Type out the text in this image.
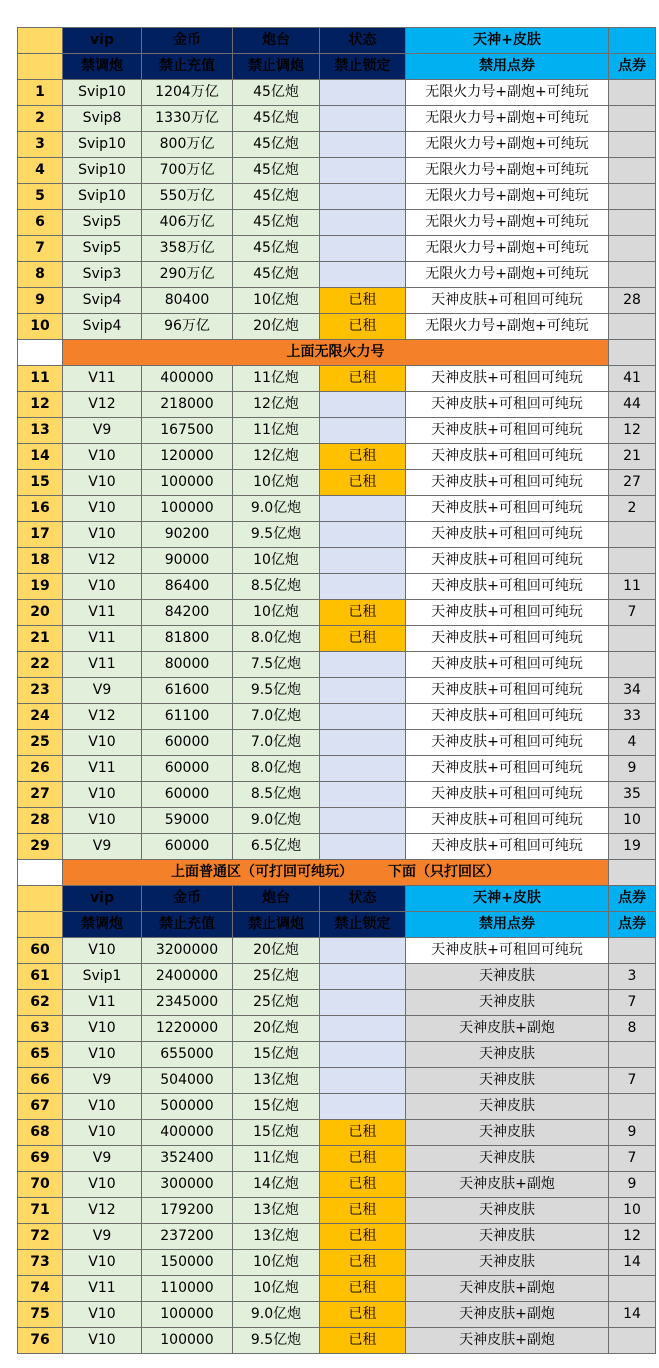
	vip	金币	炮台	状态	天神+皮肤	
	禁调炮	禁止充值	禁止调炮	禁止锁定	禁用点券	点券
1	Svip10	1204万亿	45亿炮		无限火力号+副炮+可纯玩	
2	Svip8	1330万亿	45亿炮		无限火力号+副炮+可纯玩	
3	Svip10	800万亿	45亿炮		无限火力号+副炮+可纯玩	
4	Svip10	700万亿	45亿炮		无限火力号+副炮+可纯玩	
5	Svip10	550万亿	45亿炮		无限火力号+副炮+可纯玩	
6	Svip5	406万亿	45亿炮		无限火力号+副炮+可纯玩	
7	Svip5	358万亿	45亿炮		无限火力号+副炮+可纯玩	
8	Svip3	290万亿	45亿炮		无限火力号+副炮+可纯玩	
9	Svip4	80400	10亿炮	已租	天神皮肤+可租回可纯玩	28
10	Svip4	96万亿	20亿炮	已租	无限火力号+副炮+可纯玩	
	上面无限火力号					
11	V11	400000	11亿炮	已租	天神皮肤+可租回可纯玩	41
12	V12	218000	12亿炮		天神皮肤+可租回可纯玩	44
13	V9	167500	11亿炮		天神皮肤+可租回可纯玩	12
14	V10	120000	12亿炮	已租	天神皮肤+可租回可纯玩	21
15	V10	100000	10亿炮	已租	天神皮肤+可租回可纯玩	27
16	V10	100000	9.0亿炮		天神皮肤+可租回可纯玩	2
17	V10	90200	9.5亿炮		天神皮肤+可租回可纯玩	
18	V12	90000	10亿炮		天神皮肤+可租回可纯玩	
19	V10	86400	8.5亿炮		天神皮肤+可租回可纯玩	11
20	V11	84200	10亿炮	已租	天神皮肤+可租回可纯玩	7
21	V11	81800	8.0亿炮	已租	天神皮肤+可租回可纯玩	
22	V11	80000	7.5亿炮		天神皮肤+可租回可纯玩	
23	V9	61600	9.5亿炮		天神皮肤+可租回可纯玩	34
24	V12	61100	7.0亿炮		天神皮肤+可租回可纯玩	33
25	V10	60000	7.0亿炮		天神皮肤+可租回可纯玩	4
26	V11	60000	8.0亿炮		天神皮肤+可租回可纯玩	9
27	V10	60000	8.5亿炮		天神皮肤+可租回可纯玩	35
28	V10	59000	9.0亿炮		天神皮肤+可租回可纯玩	10
29	V9	60000	6.5亿炮		天神皮肤+可租回可纯玩	19
	上面普通区（可打回可纯玩）　　　下面（只打回区）					
	vip	金币	炮台	状态	天神+皮肤	点券
	禁调炮	禁止充值	禁止调炮	禁止锁定	禁用点券	点券
60	V10	3200000	20亿炮		天神皮肤+可租回可纯玩	
61	Svip1	2400000	25亿炮		天神皮肤	3
62	V11	2345000	25亿炮		天神皮肤	7
63	V10	1220000	20亿炮		天神皮肤+副炮	8
65	V10	655000	15亿炮		天神皮肤	
66	V9	504000	13亿炮		天神皮肤	7
67	V10	500000	15亿炮		天神皮肤	
68	V10	400000	15亿炮	已租	天神皮肤	9
69	V9	352400	11亿炮	已租	天神皮肤	7
70	V10	300000	14亿炮	已租	天神皮肤+副炮	9
71	V12	179200	13亿炮	已租	天神皮肤	10
72	V9	237200	13亿炮	已租	天神皮肤	12
73	V10	150000	10亿炮	已租	天神皮肤	14
74	V11	110000	10亿炮	已租	天神皮肤+副炮	
75	V10	100000	9.0亿炮	已租	天神皮肤+副炮	14
76	V10	100000	9.5亿炮	已租	天神皮肤+副炮	
